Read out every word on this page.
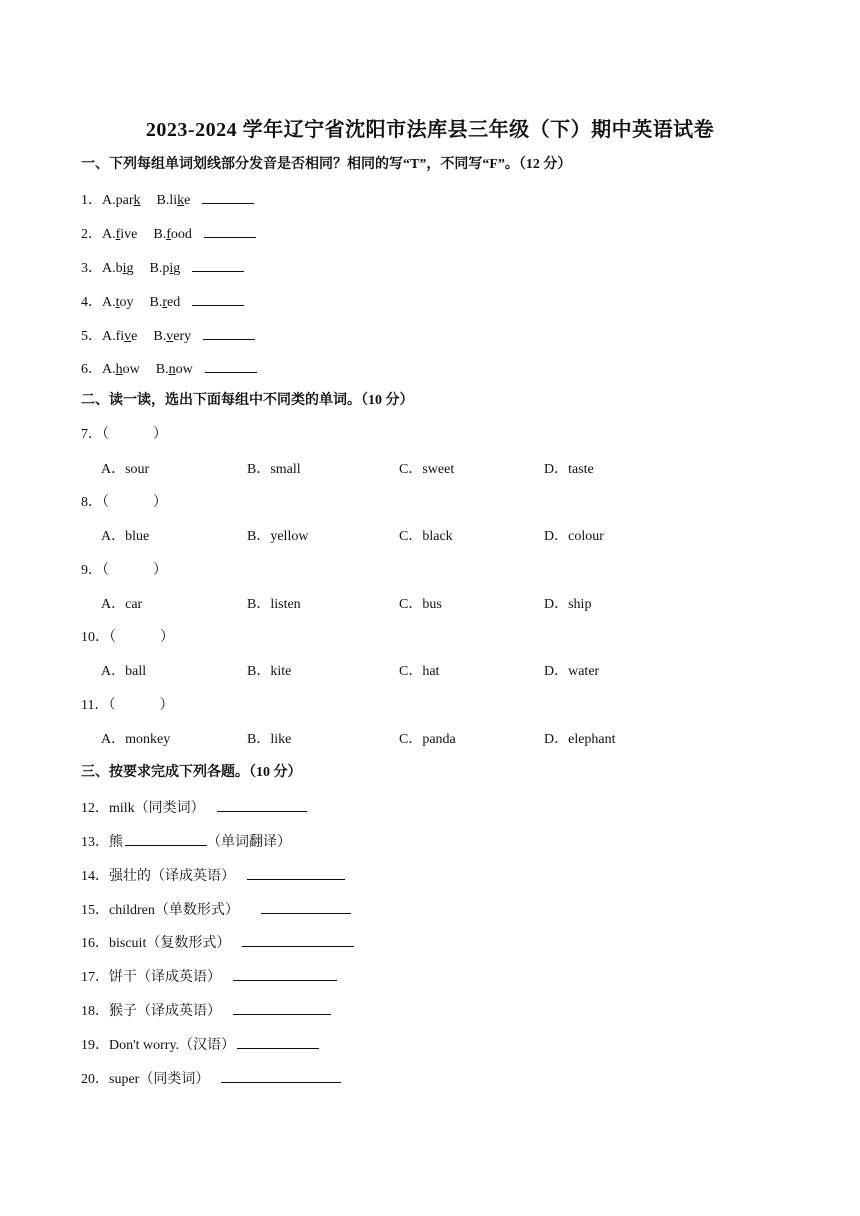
2023-2024 学年辽宁省沈阳市法库县三年级（下）期中英语试卷
一、下列每组单词划线部分发音是否相同？相同的写“T”，不同写“F”。（12 分）
1．A.park B.like
2．A.five B.food
3．A.big B.pig
4．A.toy B.red
5．A.five B.very
6．A.how B.now
二、读一读，选出下面每组中不同类的单词。（10 分）
7．（	）
A．sour	B．small	C．sweet	D．taste
8．（	）
A．blue	B．yellow	C．black	D．colour
9．（	）
A．car	B．listen	C．bus	D．ship
10．（	）
A．ball	B．kite	C．hat	D．water
11．（	）
A．monkey	B．like	C．panda	D．elephant
三、按要求完成下列各题。（10 分）
12．milk（同类词）
13．熊	（单词翻译）
14．强壮的（译成英语）
15．children（单数形式）
16．biscuit（复数形式）
17．饼干（译成英语）
18．猴子（译成英语）
19．Don't worry.（汉语）
20．super（同类词）
